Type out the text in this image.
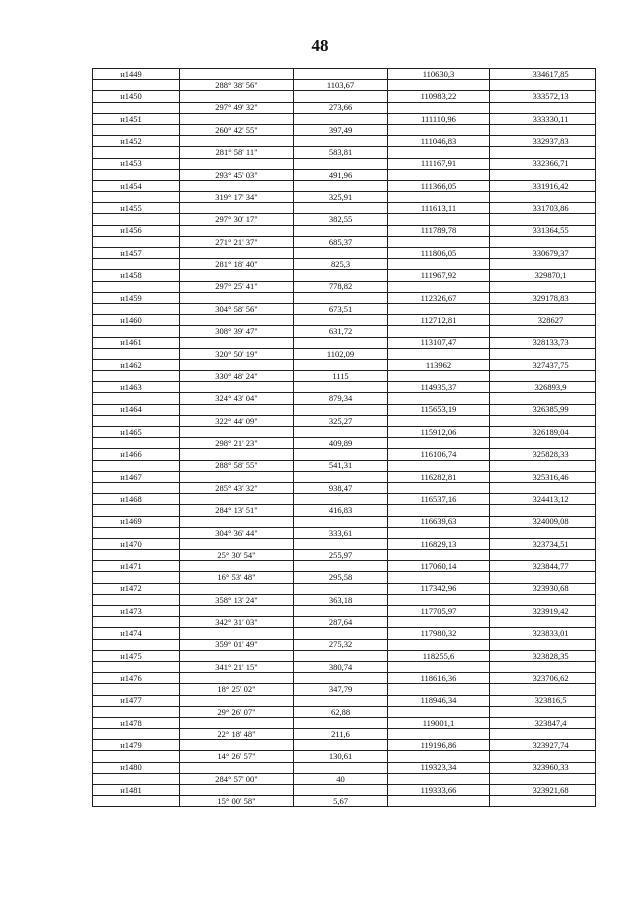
48
н1449			110630,3	334617,85
	288° 38' 56"	1103,67		
н1450			110983,22	333572,13
	297° 49' 32"	273,66		
н1451			111110,96	333330,11
	260° 42' 55"	397,49		
н1452			111046,83	332937,83
	281° 58' 11"	583,81		
н1453			111167,91	332366,71
	293° 45' 03"	491,96		
н1454			111366,05	331916,42
	319° 17' 34"	325,91		
н1455			111613,11	331703,86
	297° 30' 17"	382,55		
н1456			111789,78	331364,55
	271° 21' 37"	685,37		
н1457			111806,05	330679,37
	281° 18' 40"	825,3		
н1458			111967,92	329870,1
	297° 25' 41"	778,82		
н1459			112326,67	329178,83
	304° 58' 56"	673,51		
н1460			112712,81	328627
	308° 39' 47"	631,72		
н1461			113107,47	328133,73
	320° 50' 19"	1102,09		
н1462			113962	327437,75
	330° 48' 24"	1115		
н1463			114935,37	326893,9
	324° 43' 04"	879,34		
н1464			115653,19	326385,99
	322° 44' 09"	325,27		
н1465			115912,06	326189,04
	298° 21' 23"	409,89		
н1466			116106,74	325828,33
	288° 58' 55"	541,31		
н1467			116282,81	325316,46
	285° 43' 32"	938,47		
н1468			116537,16	324413,12
	284° 13' 51"	416,83		
н1469			116639,63	324009,08
	304° 36' 44"	333,61		
н1470			116829,13	323734,51
	25° 30' 54"	255,97		
н1471			117060,14	323844,77
	16° 53' 48"	295,58		
н1472			117342,96	323930,68
	358° 13' 24"	363,18		
н1473			117705,97	323919,42
	342° 31' 03"	287,64		
н1474			117980,32	323833,01
	359° 01' 49"	275,32		
н1475			118255,6	323828,35
	341° 21' 15"	380,74		
н1476			118616,36	323706,62
	18° 25' 02"	347,79		
н1477			118946,34	323816,5
	29° 26' 07"	62,88		
н1478			119001,1	323847,4
	22° 18' 48"	211,6		
н1479			119196,86	323927,74
	14° 26' 57"	130,61		
н1480			119323,34	323960,33
	284° 57' 00"	40		
н1481			119333,66	323921,68
	15° 00' 58"	5,67		
